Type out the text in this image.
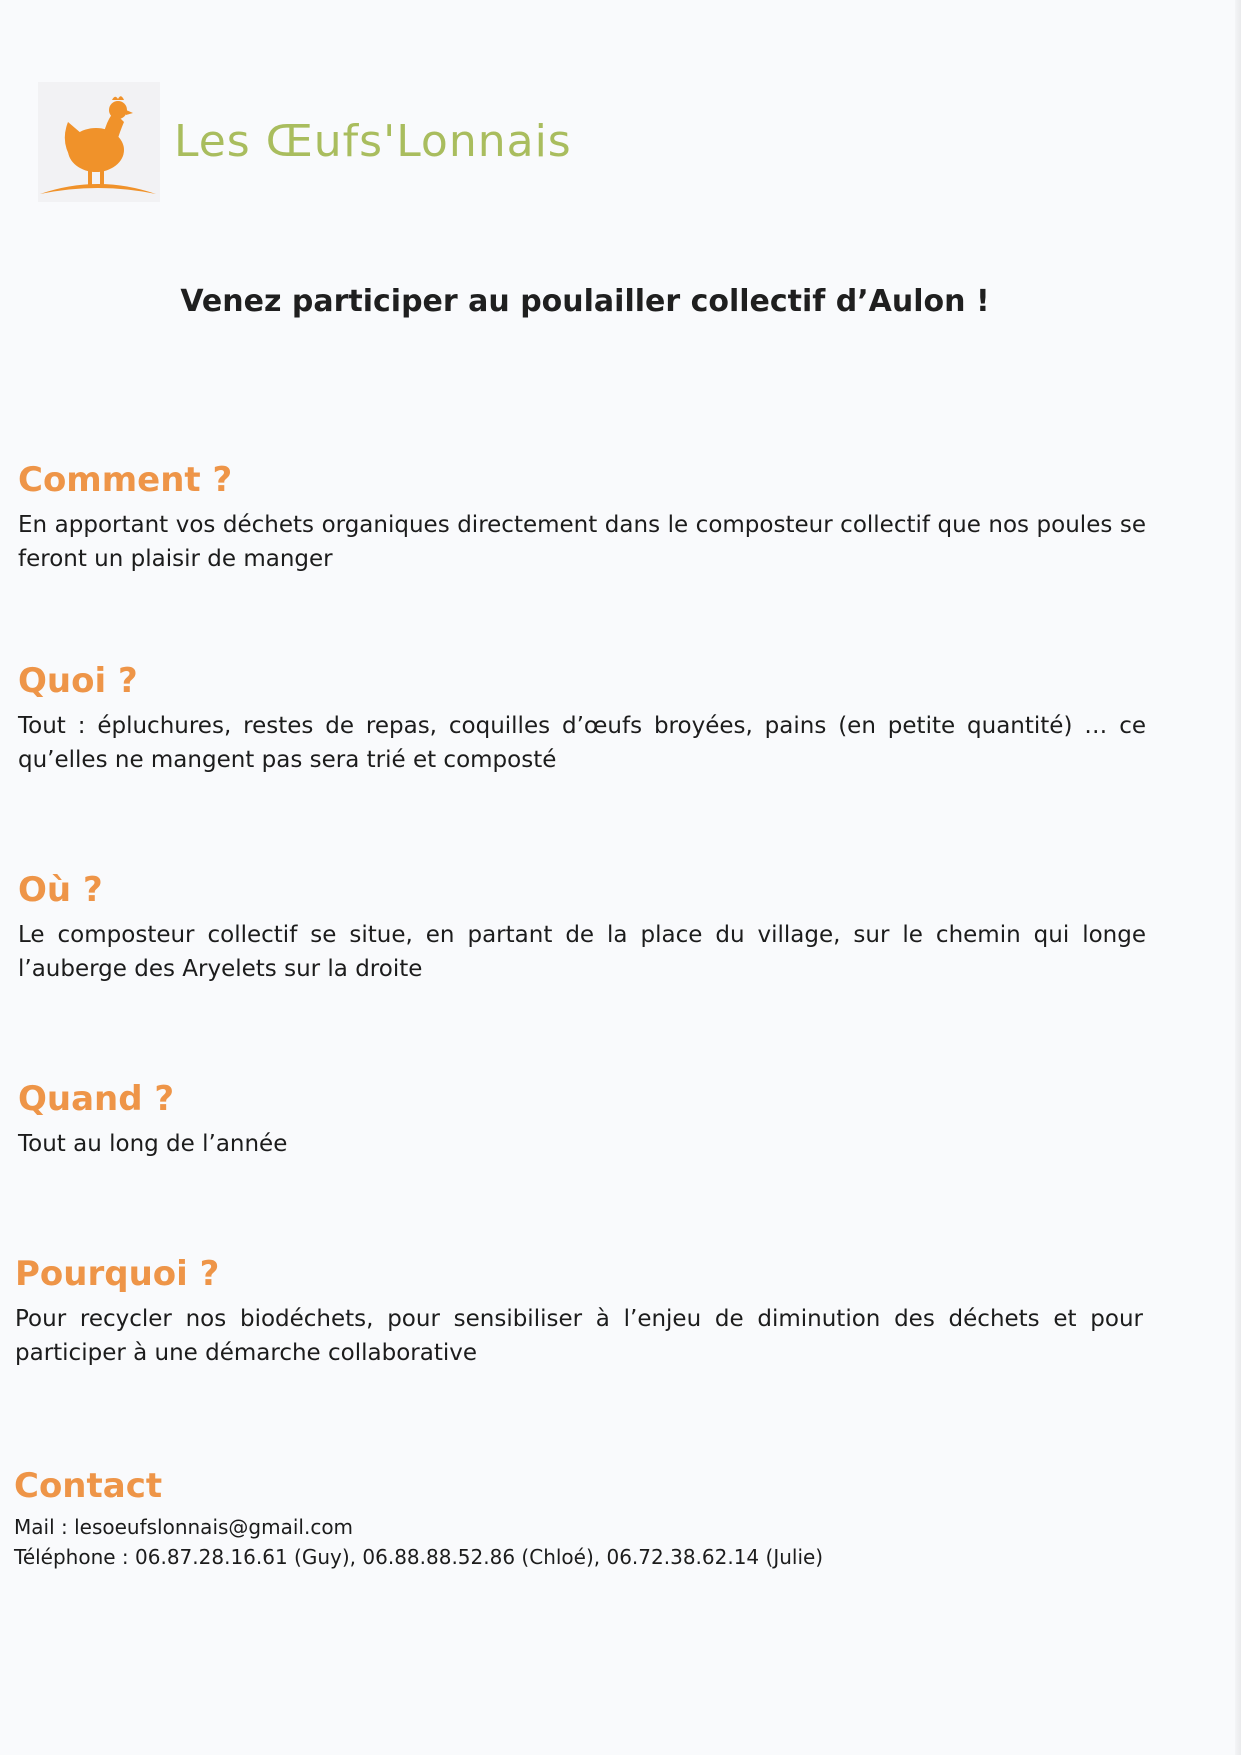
Les Œufs'Lonnais
Venez participer au poulailler collectif d’Aulon !
Comment ?

En apportant vos déchets organiques directement dans le composteur collectif que nos poules se feront un plaisir de manger

Quoi ?

Tout : épluchures, restes de repas, coquilles d’œufs broyées, pains (en petite quantité) … ce qu’elles ne mangent pas sera trié et composté

Où ?

Le composteur collectif se situe, en partant de la place du village, sur le chemin qui longe l’auberge des Aryelets sur la droite

Quand ?

Tout au long de l’année

Pourquoi ?

Pour recycler nos biodéchets, pour sensibiliser à l’enjeu de diminution des déchets et pour participer à une démarche collaborative

Contact

Mail : lesoeufslonnais@gmail.com

Téléphone : 06.87.28.16.61 (Guy), 06.88.88.52.86 (Chloé), 06.72.38.62.14 (Julie)
